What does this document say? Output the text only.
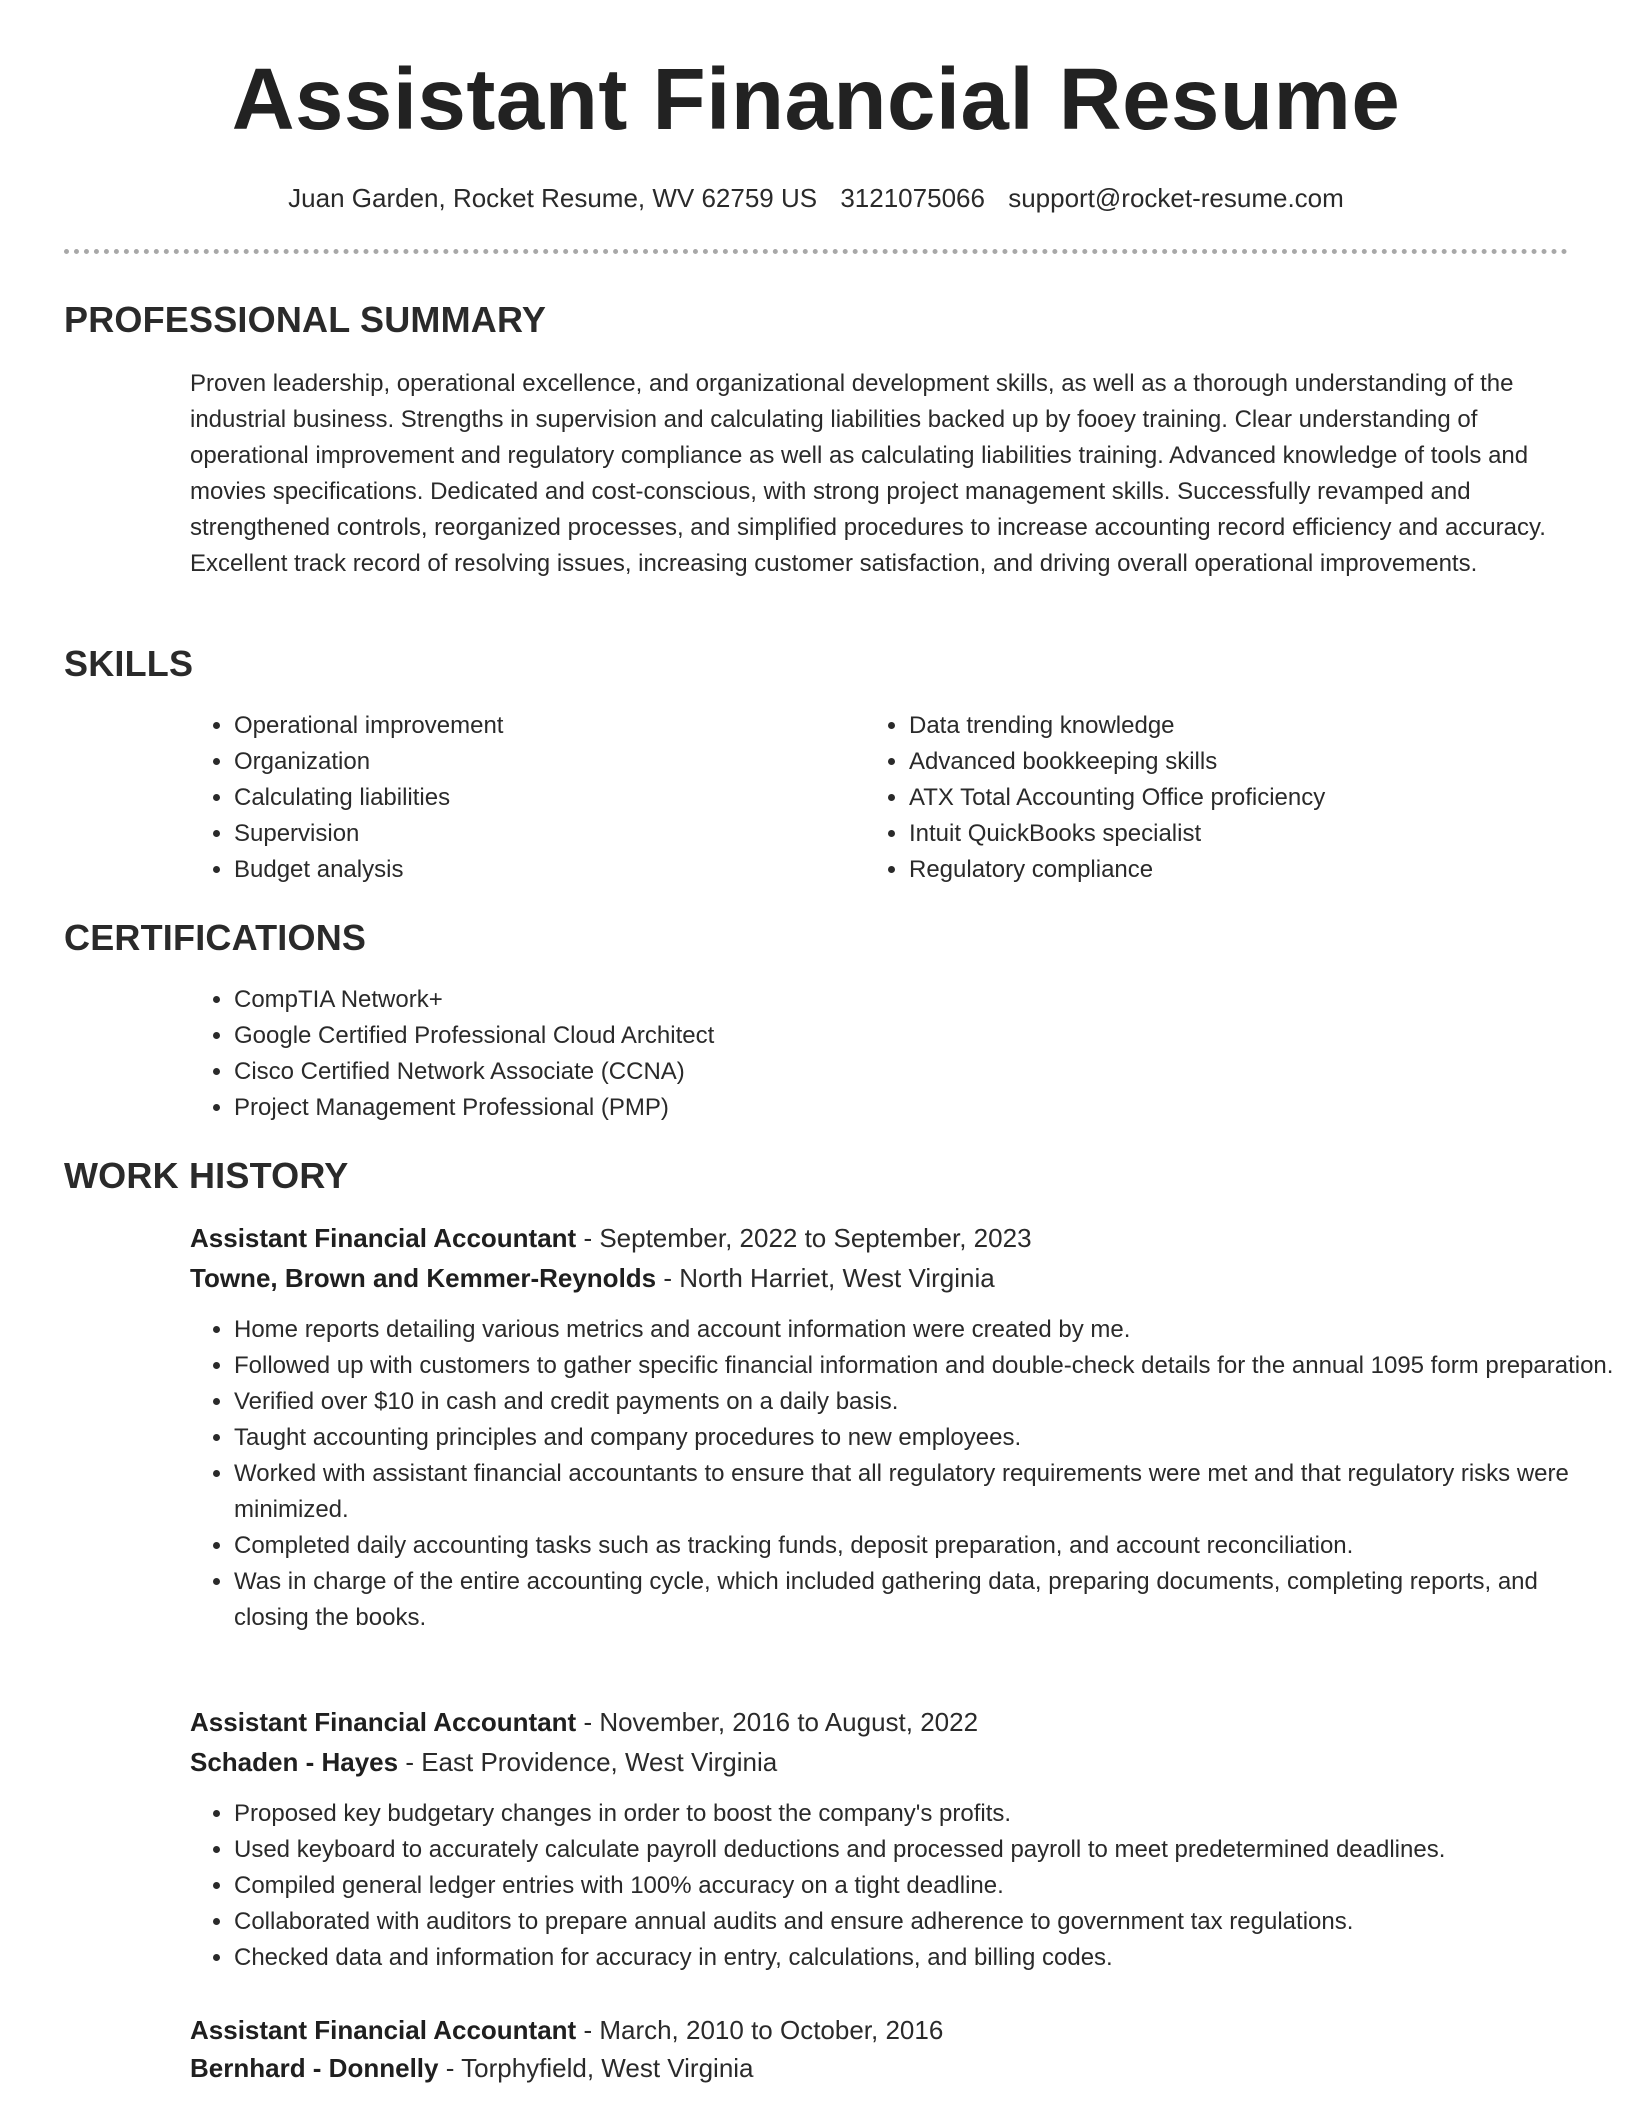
Assistant Financial Resume
Juan Garden, Rocket Resume, WV 62759 US 3121075066 support@rocket-resume.com
PROFESSIONAL SUMMARY

Proven leadership, operational excellence, and organizational development skills, as well as a thorough understanding of the industrial business. Strengths in supervision and calculating liabilities backed up by fooey training. Clear understanding of operational improvement and regulatory compliance as well as calculating liabilities training. Advanced knowledge of tools and movies specifications. Dedicated and cost-conscious, with strong project management skills. Successfully revamped and strengthened controls, reorganized processes, and simplified procedures to increase accounting record efficiency and accuracy. Excellent track record of resolving issues, increasing customer satisfaction, and driving overall operational improvements.

SKILLS
• Operational improvement
• Organization
• Calculating liabilities
• Supervision
• Budget analysis
• Data trending knowledge
• Advanced bookkeeping skills
• ATX Total Accounting Office proficiency
• Intuit QuickBooks specialist
• Regulatory compliance
CERTIFICATIONS
• CompTIA Network+
• Google Certified Professional Cloud Architect
• Cisco Certified Network Associate (CCNA)
• Project Management Professional (PMP)
WORK HISTORY
Assistant Financial Accountant - September, 2022 to September, 2023
Towne, Brown and Kemmer-Reynolds - North Harriet, West Virginia
• Home reports detailing various metrics and account information were created by me.
• Followed up with customers to gather specific financial information and double-check details for the annual 1095 form preparation.
• Verified over $10 in cash and credit payments on a daily basis.
• Taught accounting principles and company procedures to new employees.
• Worked with assistant financial accountants to ensure that all regulatory requirements were met and that regulatory risks were minimized.
• Completed daily accounting tasks such as tracking funds, deposit preparation, and account reconciliation.
• Was in charge of the entire accounting cycle, which included gathering data, preparing documents, completing reports, and closing the books.
Assistant Financial Accountant - November, 2016 to August, 2022
Schaden - Hayes - East Providence, West Virginia
• Proposed key budgetary changes in order to boost the company's profits.
• Used keyboard to accurately calculate payroll deductions and processed payroll to meet predetermined deadlines.
• Compiled general ledger entries with 100% accuracy on a tight deadline.
• Collaborated with auditors to prepare annual audits and ensure adherence to government tax regulations.
• Checked data and information for accuracy in entry, calculations, and billing codes.
Assistant Financial Accountant - March, 2010 to October, 2016
Bernhard - Donnelly - Torphyfield, West Virginia
